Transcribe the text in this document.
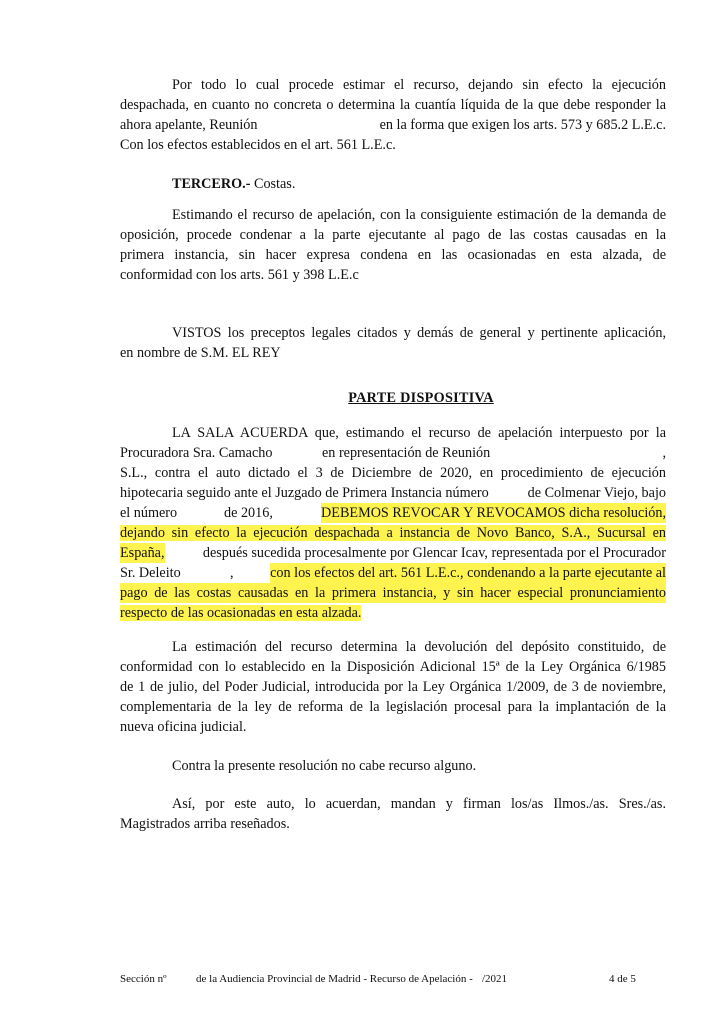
Por todo lo cual procede estimar el recurso, dejando sin efecto la ejecución
despachada, en cuanto no concreta o determina la cuantía líquida de la que debe responder la
ahora apelante, Reunión	en la forma que exigen los arts. 573 y 685.2 L.E.c.
Con los efectos establecidos en el art. 561 L.E.c.
TERCERO.- Costas.
Estimando el recurso de apelación, con la consiguiente estimación de la demanda de
oposición, procede condenar a la parte ejecutante al pago de las costas causadas en la
primera instancia, sin hacer expresa condena en las ocasionadas en esta alzada, de
conformidad con los arts. 561 y 398 L.E.c
VISTOS los preceptos legales citados y demás de general y pertinente aplicación,
en nombre de S.M. EL REY
PARTE DISPOSITIVA
LA SALA ACUERDA que, estimando el recurso de apelación interpuesto por la
Procuradora Sra. Camacho	en representación de Reunión	,
S.L., contra el auto dictado el 3 de Diciembre de 2020, en procedimiento de ejecución
hipotecaria seguido ante el Juzgado de Primera Instancia número	de Colmenar Viejo, bajo
el número	de 2016,	DEBEMOS REVOCAR Y REVOCAMOS dicha resolución,
dejando sin efecto la ejecución despachada a instancia de Novo Banco, S.A., Sucursal en
España,	después sucedida procesalmente por Glencar Icav, representada por el Procurador
Sr. Deleito	,	con los efectos del art. 561 L.E.c., condenando a la parte ejecutante al
pago de las costas causadas en la primera instancia, y sin hacer especial pronunciamiento
respecto de las ocasionadas en esta alzada.
La estimación del recurso determina la devolución del depósito constituido, de
conformidad con lo establecido en la Disposición Adicional 15ª de la Ley Orgánica 6/1985
de 1 de julio, del Poder Judicial, introducida por la Ley Orgánica 1/2009, de 3 de noviembre,
complementaria de la ley de reforma de la legislación procesal para la implantación de la
nueva oficina judicial.
Contra la presente resolución no cabe recurso alguno.
Así, por este auto, lo acuerdan, mandan y firman los/as Ilmos./as. Sres./as.
Magistrados arriba reseñados.
Sección nº	de la Audiencia Provincial de Madrid - Recurso de Apelación - /2021	4 de 5
